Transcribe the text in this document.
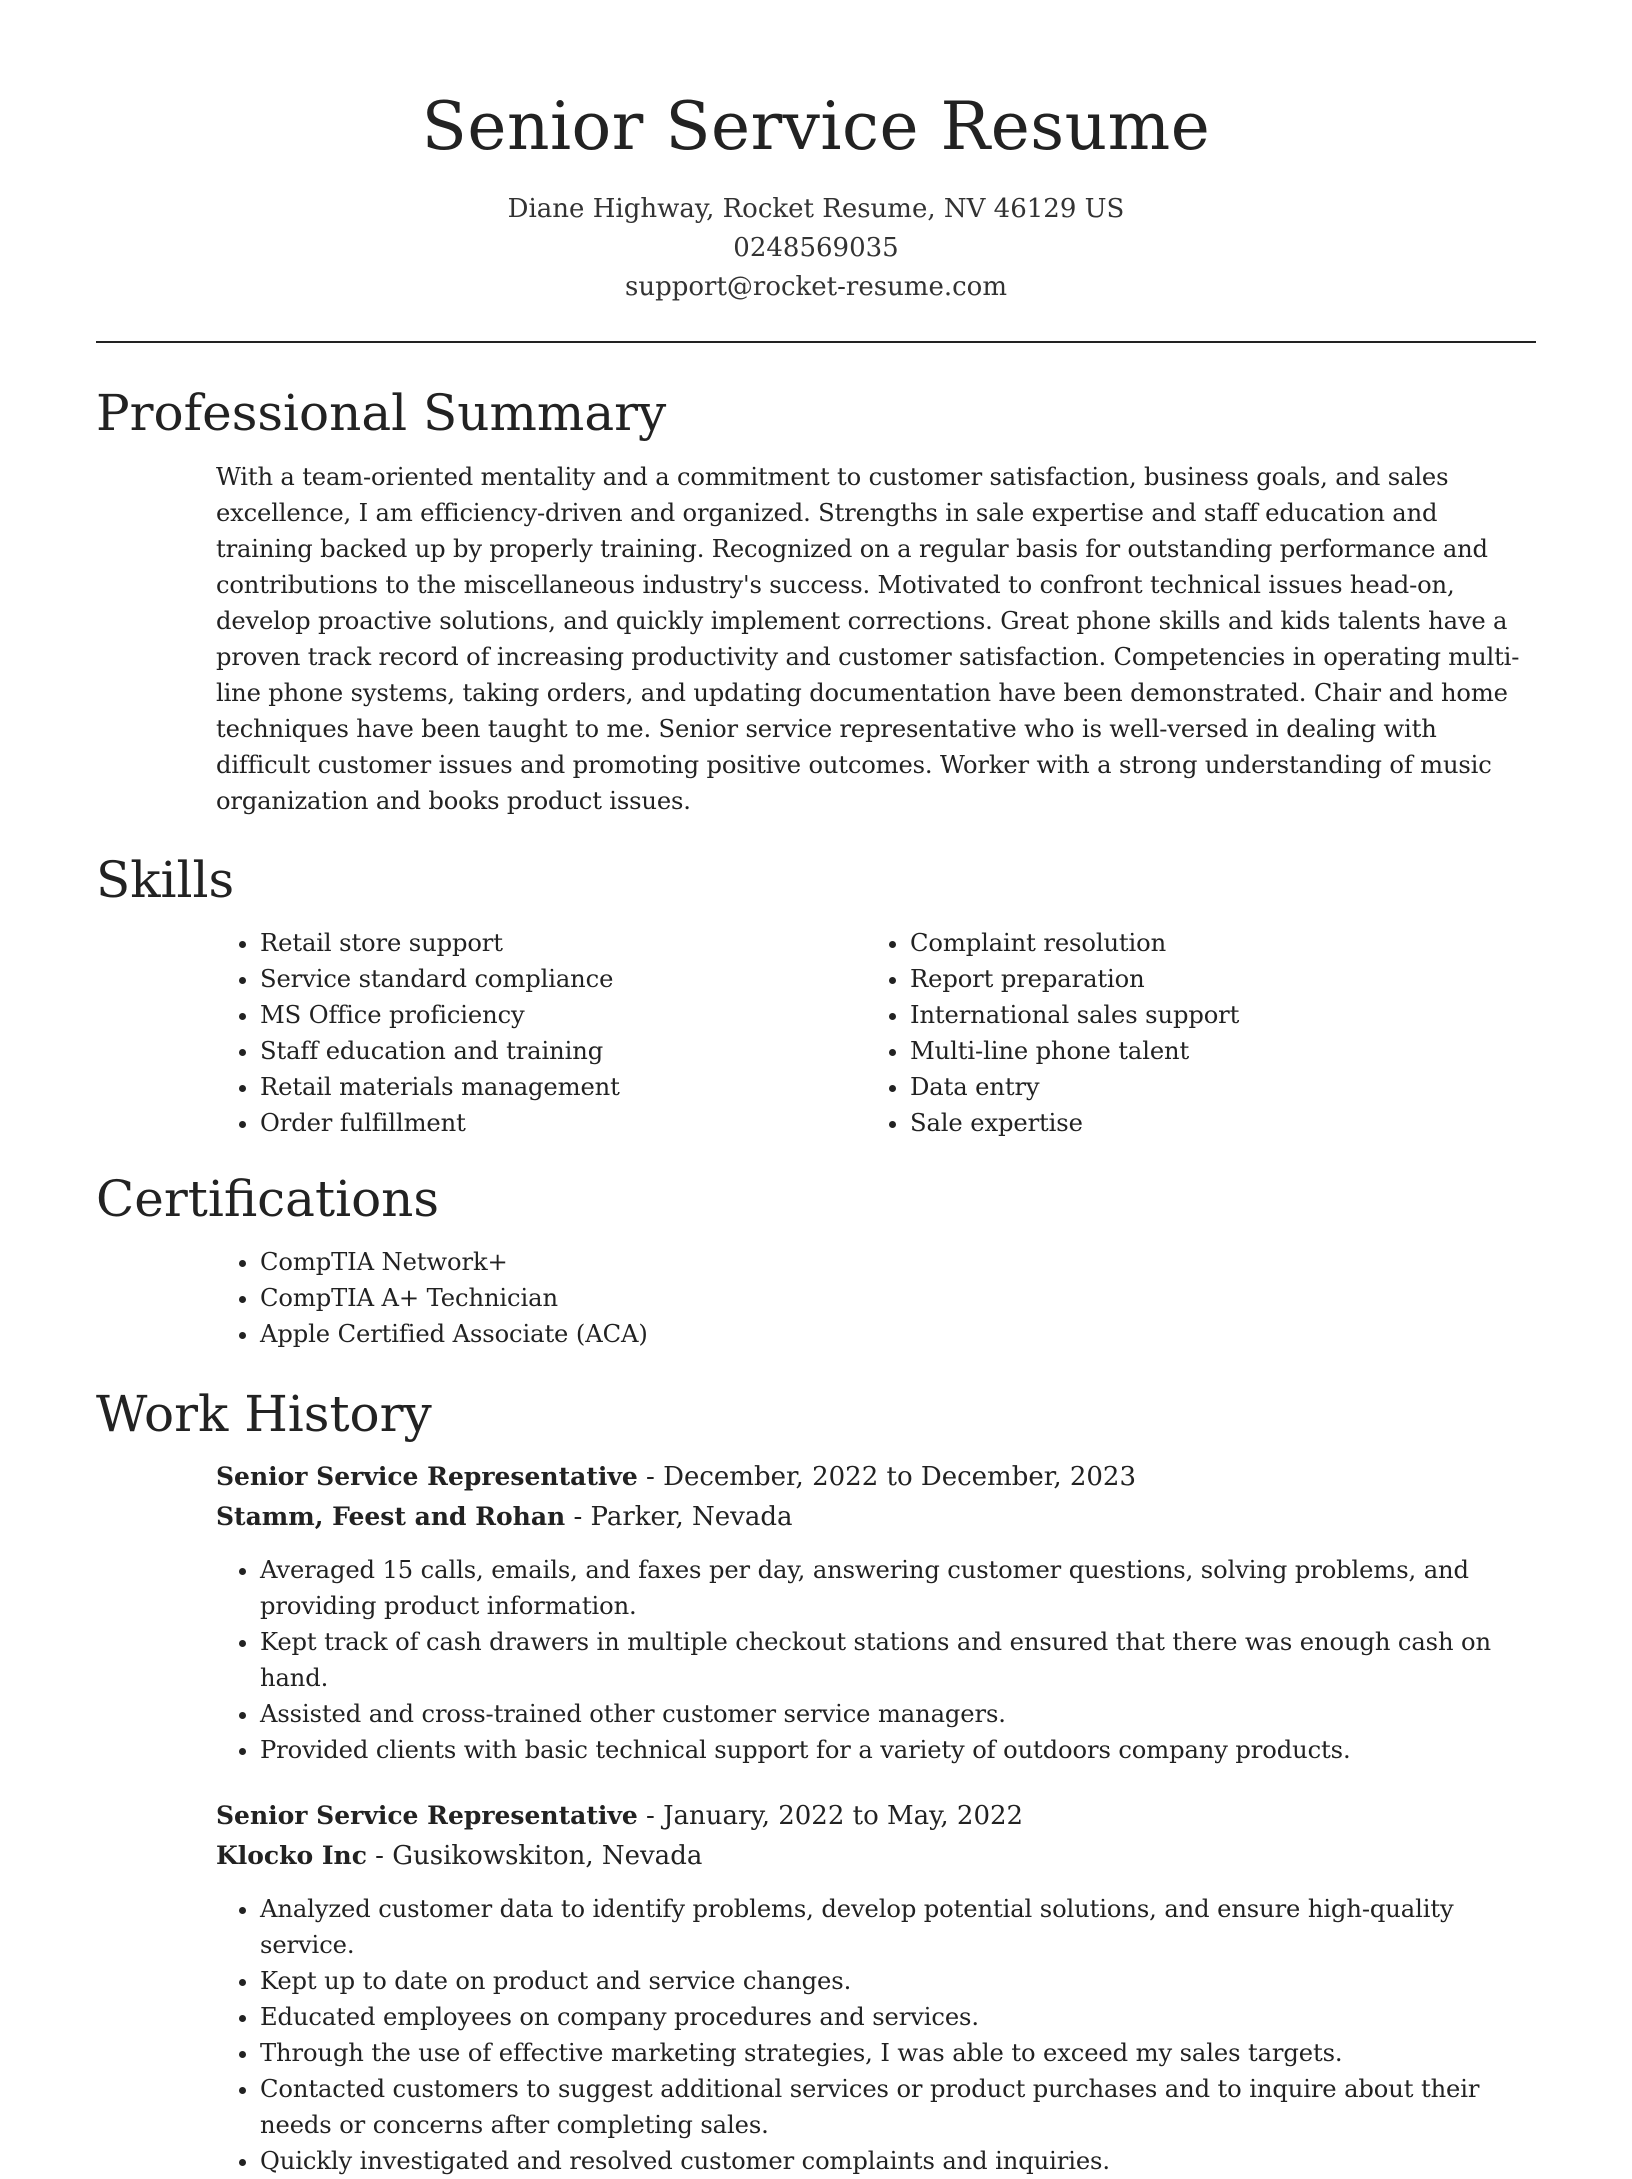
Senior Service Resume
Diane Highway, Rocket Resume, NV 46129 US
0248569035
support@rocket-resume.com
Professional Summary

With a team-oriented mentality and a commitment to customer satisfaction, business goals, and sales excellence, I am efficiency-driven and organized. Strengths in sale expertise and staff education and training backed up by properly training. Recognized on a regular basis for outstanding performance and contributions to the miscellaneous industry's success. Motivated to confront technical issues head-on, develop proactive solutions, and quickly implement corrections. Great phone skills and kids talents have a proven track record of increasing productivity and customer satisfaction. Competencies in operating multi-line phone systems, taking orders, and updating documentation have been demonstrated. Chair and home techniques have been taught to me. Senior service representative who is well-versed in dealing with difficult customer issues and promoting positive outcomes. Worker with a strong understanding of music organization and books product issues.

Skills
• Retail store support
• Service standard compliance
• MS Office proficiency
• Staff education and training
• Retail materials management
• Order fulfillment
• Complaint resolution
• Report preparation
• International sales support
• Multi-line phone talent
• Data entry
• Sale expertise
Certifications
• CompTIA Network+
• CompTIA A+ Technician
• Apple Certified Associate (ACA)
Work History
Senior Service Representative - December, 2022 to December, 2023
Stamm, Feest and Rohan - Parker, Nevada
• Averaged 15 calls, emails, and faxes per day, answering customer questions, solving problems, and providing product information.
• Kept track of cash drawers in multiple checkout stations and ensured that there was enough cash on hand.
• Assisted and cross-trained other customer service managers.
• Provided clients with basic technical support for a variety of outdoors company products.
Senior Service Representative - January, 2022 to May, 2022
Klocko Inc - Gusikowskiton, Nevada
• Analyzed customer data to identify problems, develop potential solutions, and ensure high-quality service.
• Kept up to date on product and service changes.
• Educated employees on company procedures and services.
• Through the use of effective marketing strategies, I was able to exceed my sales targets.
• Contacted customers to suggest additional services or product purchases and to inquire about their needs or concerns after completing sales.
• Quickly investigated and resolved customer complaints and inquiries.
